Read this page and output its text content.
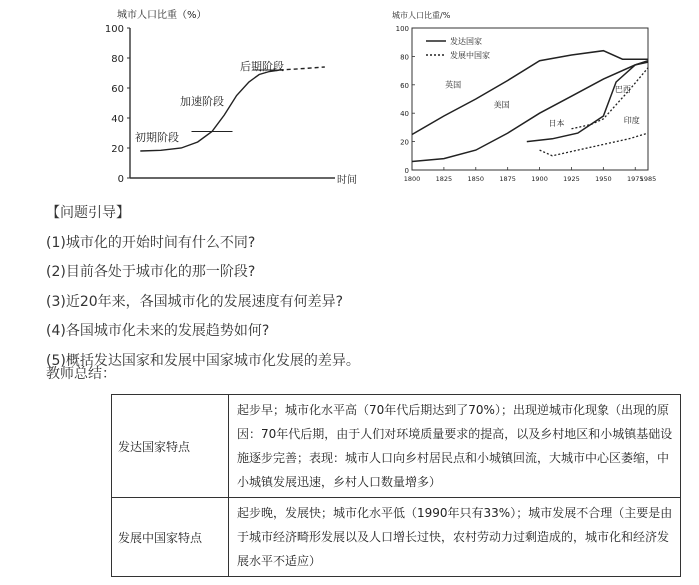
城市人口比重（%）
0
20
40
60
80
100
时间
初期阶段
加速阶段
后期阶段
城市人口比重/%
0
20
40
60
80
100
1800 1825 1850 1875 1900 1925 1950 1975
1985
发达国家
发展中国家
英国
美国
日本
巴西
印度
【问题引导】
(1)城市化的开始时间有什么不同?
(2)目前各处于城市化的那一阶段?
(3)近20年来，各国城市化的发展速度有何差异?
(4)各国城市化未来的发展趋势如何?
(5)概括发达国家和发展中国家城市化发展的差异。
教师总结：
发达国家特点	起步早；城市化水平高（70年代后期达到了70%）；出现逆城市化现象（出现的原因：70年代后期，由于人们对环境质量要求的提高，以及乡村地区和小城镇基础设施逐步完善；表现：城市人口向乡村居民点和小城镇回流，大城市中心区萎缩，中小城镇发展迅速，乡村人口数量增多）
发展中国家特点	起步晚，发展快；城市化水平低（1990年只有33%）；城市发展不合理（主要是由于城市经济畸形发展以及人口增长过快，农村劳动力过剩造成的，城市化和经济发展水平不适应）
